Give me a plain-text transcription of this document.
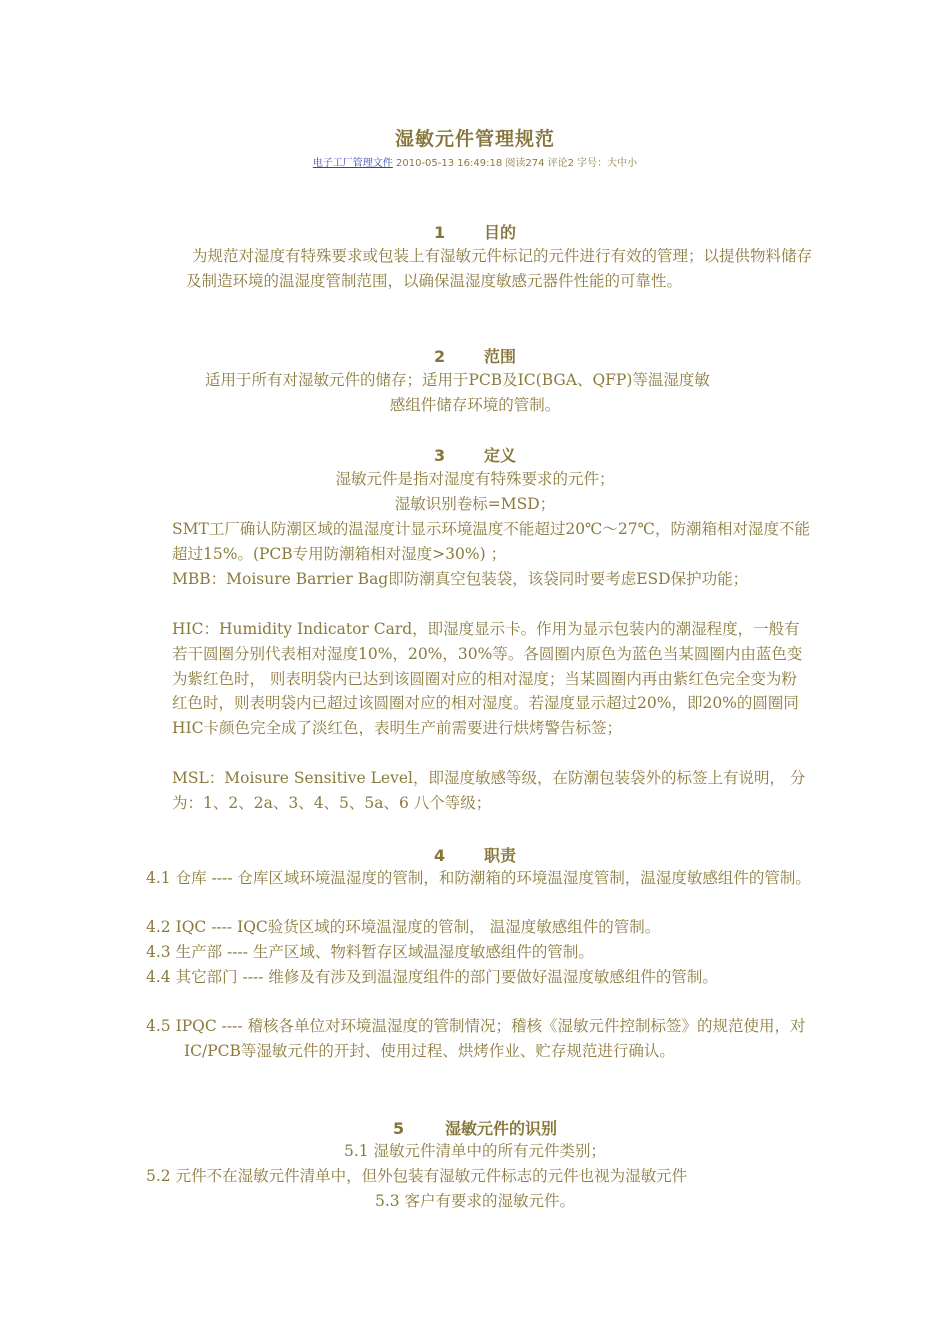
湿敏元件管理规范
电子工厂管理文件 2010-05-13 16:49:18 阅读274 评论2 字号：大中小
1 目的
为规范对湿度有特殊要求或包装上有湿敏元件标记的元件进行有效的管理；以提供物料储存及制造环境的温湿度管制范围，以确保温湿度敏感元器件性能的可靠性。
2 范围
适用于所有对湿敏元件的储存；适用于PCB及IC(BGA、QFP)等温湿度敏
感组件储存环境的管制。
3 定义
湿敏元件是指对湿度有特殊要求的元件；
湿敏识别卷标=MSD；
SMT工厂确认防潮区域的温湿度计显示环境温度不能超过20℃～27℃，防潮箱相对湿度不能超过15%。(PCB专用防潮箱相对湿度>30%) ；
MBB：Moisure Barrier Bag即防潮真空包装袋，该袋同时要考虑ESD保护功能；
HIC：Humidity Indicator Card，即湿度显示卡。作用为显示包装内的潮湿程度，一般有若干圆圈分别代表相对湿度10%，20%，30%等。各圆圈内原色为蓝色当某圆圈内由蓝色变为紫红色时， 则表明袋内已达到该圆圈对应的相对湿度；当某圆圈内再由紫红色完全变为粉红色时，则表明袋内已超过该圆圈对应的相对湿度。若湿度显示超过20%，即20%的圆圈同HIC卡颜色完全成了淡红色，表明生产前需要进行烘烤警告标签；
MSL：Moisure Sensitive Level，即湿度敏感等级，在防潮包装袋外的标签上有说明， 分为：1、2、2a、3、4、5、5a、6 八个等级；
4 职责
4.1 仓库 ---- 仓库区域环境温湿度的管制，和防潮箱的环境温湿度管制，温湿度敏感组件的管制。
4.2 IQC ---- IQC验货区域的环境温湿度的管制， 温湿度敏感组件的管制。
4.3 生产部 ---- 生产区域、物料暂存区域温湿度敏感组件的管制。
4.4 其它部门 ---- 维修及有涉及到温湿度组件的部门要做好温湿度敏感组件的管制。
4.5 IPQC ---- 稽核各单位对环境温湿度的管制情况；稽核《湿敏元件控制标签》的规范使用，对IC/PCB等湿敏元件的开封、使用过程、烘烤作业、贮存规范进行确认。
5	湿敏元件的识别
5.1 湿敏元件清单中的所有元件类别；
5.2 元件不在湿敏元件清单中，但外包装有湿敏元件标志的元件也视为湿敏元件
5.3 客户有要求的湿敏元件。
